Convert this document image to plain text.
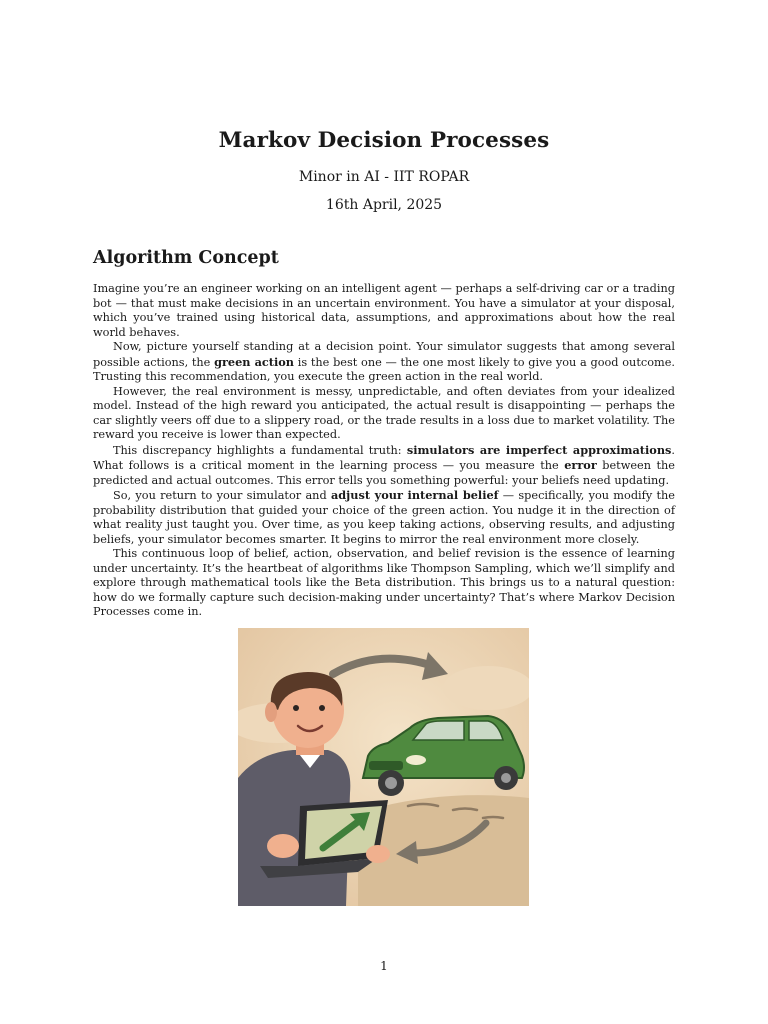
Markov Decision Processes
Minor in AI - IIT ROPAR
16th April, 2025
Algorithm Concept

Imagine you’re an engineer working on an intelligent agent — perhaps a self-driving car or a trading bot — that must make decisions in an uncertain environment. You have a simulator at your disposal, which you’ve trained using historical data, assumptions, and approximations about how the real world behaves.

Now, picture yourself standing at a decision point. Your simulator suggests that among several possible actions, the green action is the best one — the one most likely to give you a good outcome. Trusting this recommendation, you execute the green action in the real world.

However, the real environment is messy, unpredictable, and often deviates from your idealized model. Instead of the high reward you anticipated, the actual result is disappointing — perhaps the car slightly veers off due to a slippery road, or the trade results in a loss due to market volatility. The reward you receive is lower than expected.

This discrepancy highlights a fundamental truth: simulators are imperfect approximations. What follows is a critical moment in the learning process — you measure the error between the predicted and actual outcomes. This error tells you something powerful: your beliefs need updating.

So, you return to your simulator and adjust your internal belief — specifically, you modify the probability distribution that guided your choice of the green action. You nudge it in the direction of what reality just taught you. Over time, as you keep taking actions, observing results, and adjusting beliefs, your simulator becomes smarter. It begins to mirror the real environment more closely.

This continuous loop of belief, action, observation, and belief revision is the essence of learning under uncertainty. It’s the heartbeat of algorithms like Thompson Sampling, which we’ll simplify and explore through mathematical tools like the Beta distribution. This brings us to a natural question: how do we formally capture such decision-making under uncertainty? That’s where Markov Decision Processes come in.

1
